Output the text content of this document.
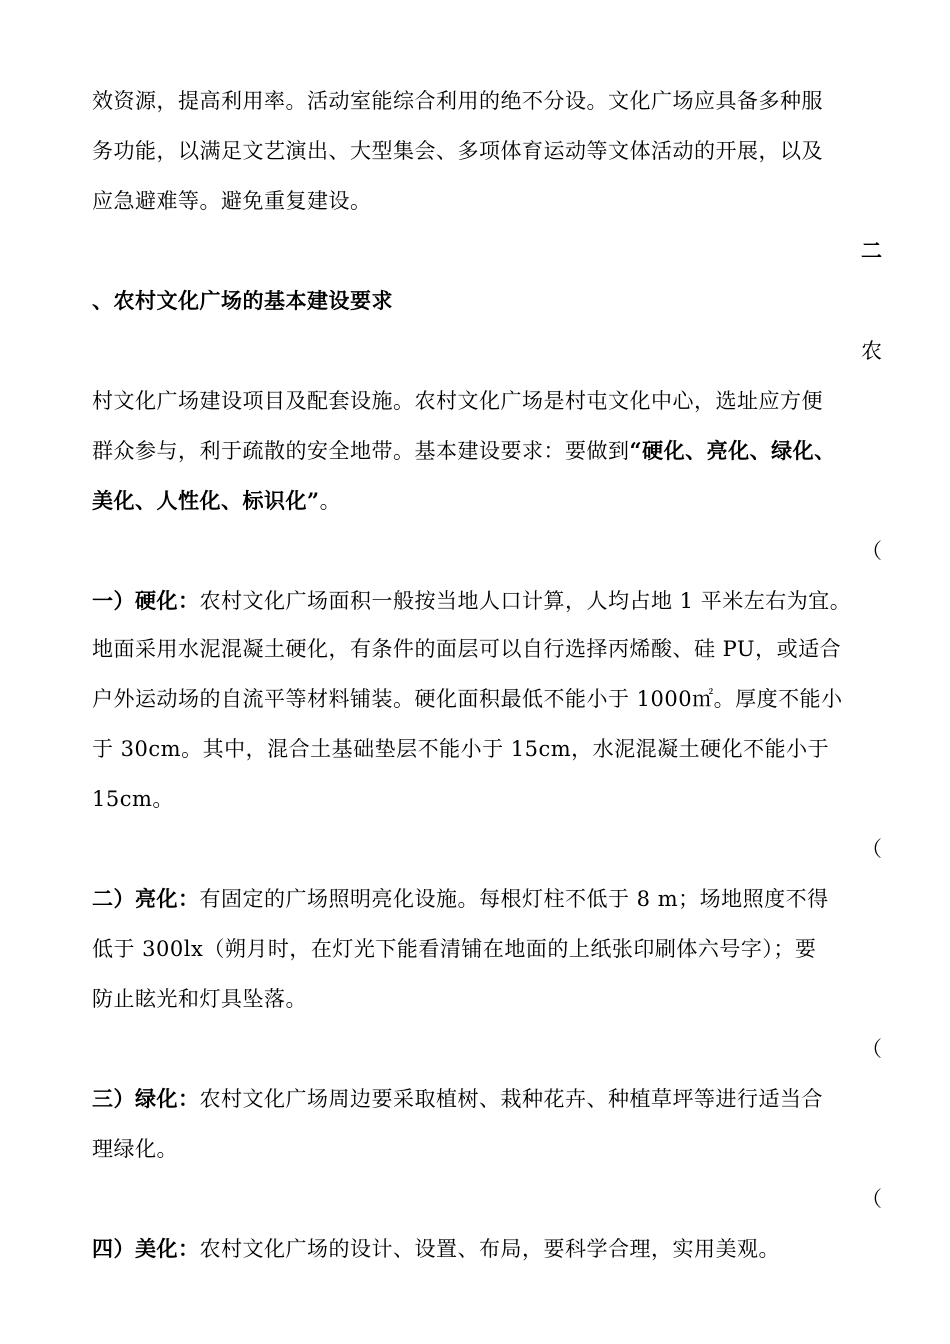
效资源，提高利用率。活动室能综合利用的绝不分设。文化广场应具备多种服
务功能，以满足文艺演出、大型集会、多项体育运动等文体活动的开展，以及
应急避难等。避免重复建设。
二
、农村文化广场的基本建设要求
农
村文化广场建设项目及配套设施。农村文化广场是村屯文化中心，选址应方便
群众参与，利于疏散的安全地带。基本建设要求：要做到“硬化、亮化、绿化、
美化、人性化、标识化”。
（
一）硬化：农村文化广场面积一般按当地人口计算，人均占地 1 平米左右为宜。
地面采用水泥混凝土硬化，有条件的面层可以自行选择丙烯酸、硅 PU，或适合
户外运动场的自流平等材料铺装。硬化面积最低不能小于 1000㎡。厚度不能小
于 30cm。其中，混合土基础垫层不能小于 15cm，水泥混凝土硬化不能小于
15cm。
（
二）亮化：有固定的广场照明亮化设施。每根灯柱不低于 8 m；场地照度不得
低于 300lx（朔月时，在灯光下能看清铺在地面的上纸张印刷体六号字）；要
防止眩光和灯具坠落。
（
三）绿化：农村文化广场周边要采取植树、栽种花卉、种植草坪等进行适当合
理绿化。
（
四）美化：农村文化广场的设计、设置、布局，要科学合理，实用美观。
